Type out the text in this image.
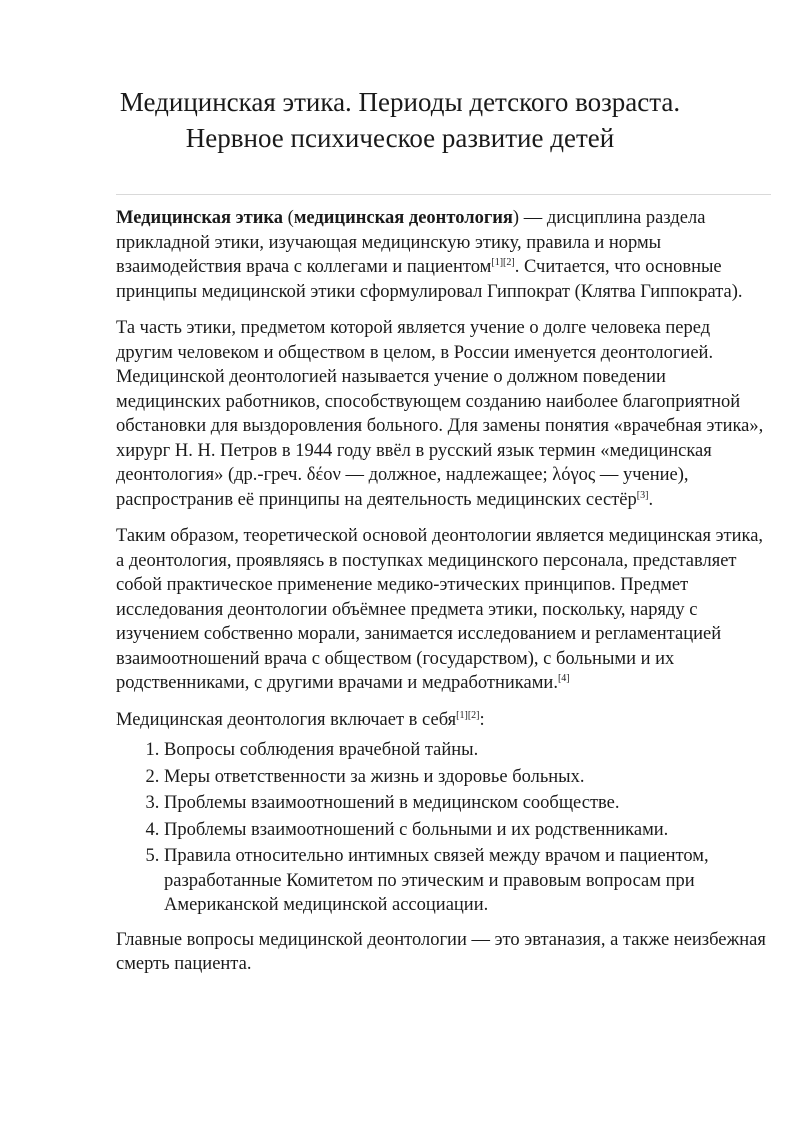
Медицинская этика. Периоды детского возраста.
Нервное психическое развитие детей

Медицинская этика (медицинская деонтология) — дисциплина раздела прикладной этики, изучающая медицинскую этику, правила и нормы взаимодействия врача с коллегами и пациентом[1][2]. Считается, что основные принципы медицинской этики сформулировал Гиппократ (Клятва Гиппократа).

Та часть этики, предметом которой является учение о долге человека перед другим человеком и обществом в целом, в России именуется деонтологией. Медицинской деонтологией называется учение о должном поведении медицинских работников, способствующем созданию наиболее благоприятной обстановки для выздоровления больного. Для замены понятия «врачебная этика», хирург Н. Н. Петров в 1944 году ввёл в русский язык термин «медицинская деонтология» (др.-греч. δέον — должное, надлежащее; λόγος — учение), распространив её принципы на деятельность медицинских сестёр[3].

Таким образом, теоретической основой деонтологии является медицинская этика, а деонтология, проявляясь в поступках медицинского персонала, представляет собой практическое применение медико-этических принципов. Предмет исследования деонтологии объёмнее предмета этики, поскольку, наряду с изучением собственно морали, занимается исследованием и регламентацией взаимоотношений врача с обществом (государством), с больными и их родственниками, с другими врачами и медработниками.[4]

Медицинская деонтология включает в себя[1][2]:

1. Вопросы соблюдения врачебной тайны.
2. Меры ответственности за жизнь и здоровье больных.
3. Проблемы взаимоотношений в медицинском сообществе.
4. Проблемы взаимоотношений с больными и их родственниками.
5. Правила относительно интимных связей между врачом и пациентом, разработанные Комитетом по этическим и правовым вопросам при Американской медицинской ассоциации.

Главные вопросы медицинской деонтологии — это эвтаназия, а также неизбежная смерть пациента.
